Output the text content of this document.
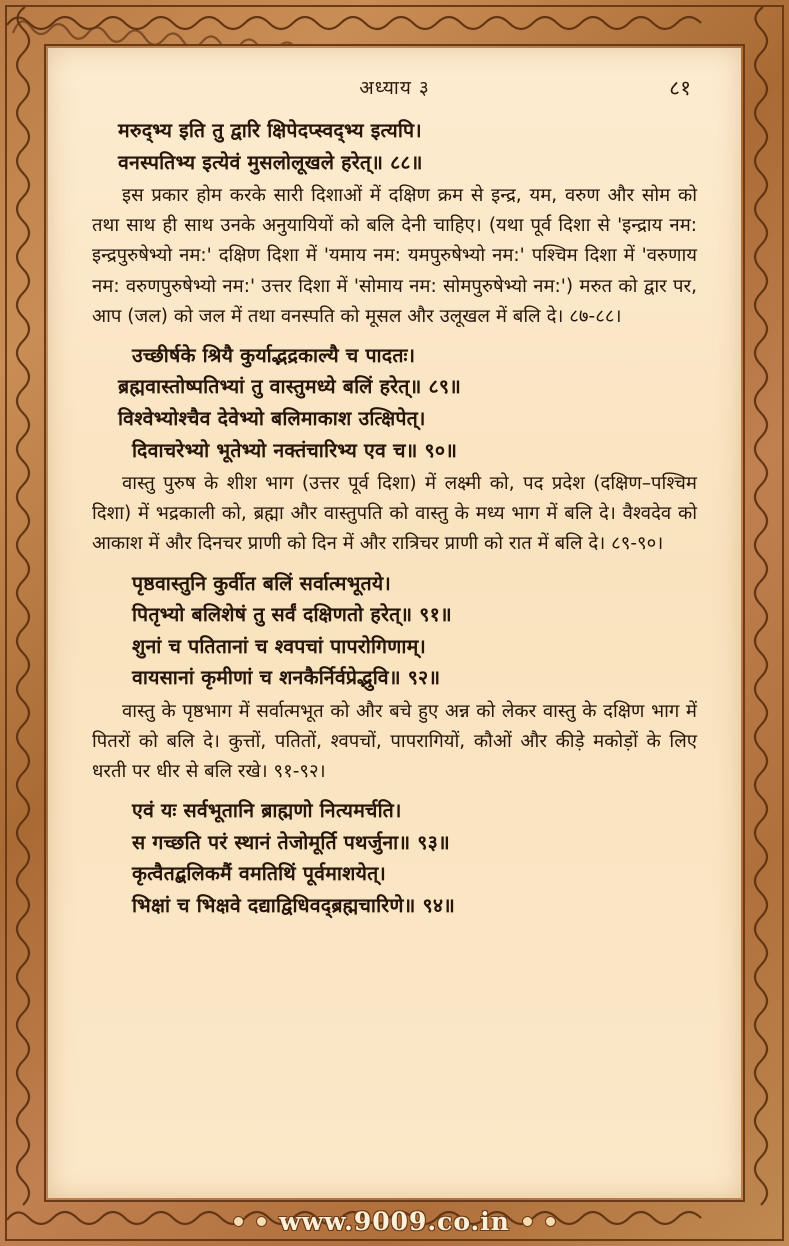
अध्याय ३	८१
मरुद्भ्य इति तु द्वारि क्षिपेदप्स्वद्भ्य इत्यपि।
वनस्पतिभ्य इत्येवं मुसलोलूखले हरेत्॥ ८८॥

इस प्रकार होम करके सारी दिशाओं में दक्षिण क्रम से इन्द्र, यम, वरुण और सोम को तथा साथ ही साथ उनके अनुयायियों को बलि देनी चाहिए। (यथा पूर्व दिशा से 'इन्द्राय नम: इन्द्रपुरुषेभ्यो नम:' दक्षिण दिशा में 'यमाय नम: यमपुरुषेभ्यो नम:' पश्चिम दिशा में 'वरुणाय नम: वरुणपुरुषेभ्यो नम:' उत्तर दिशा में 'सोमाय नम: सोमपुरुषेभ्यो नम:') मरुत को द्वार पर, आप (जल) को जल में तथा वनस्पति को मूसल और उलूखल में बलि दे। ८७-८८।

उच्छीर्षके श्रियै कुर्याद्भद्रकाल्यै च पादतः।
ब्रह्मवास्तोष्पतिभ्यां तु वास्तुमध्ये बलिं हरेत्॥ ८९॥
विश्वेभ्योश्चैव देवेभ्यो बलिमाकाश उत्क्षिपेत्।
दिवाचरेभ्यो भूतेभ्यो नक्तंचारिभ्य एव च॥ ९०॥

वास्तु पुरुष के शीश भाग (उत्तर पूर्व दिशा) में लक्ष्मी को, पद प्रदेश (दक्षिण–पश्चिम दिशा) में भद्रकाली को, ब्रह्मा और वास्तुपति को वास्तु के मध्य भाग में बलि दे। वैश्वदेव को आकाश में और दिनचर प्राणी को दिन में और रात्रिचर प्राणी को रात में बलि दे। ८९-९०।

पृष्ठवास्तुनि कुर्वीत बलिं सर्वात्मभूतये।
पितृभ्यो बलिशेषं तु सर्वं दक्षिणतो हरेत्॥ ९१॥
शुनां च पतितानां च श्वपचां पापरोगिणाम्।
वायसानां कृमीणां च शनकैर्निर्वप्रेद्भुवि॥ ९२॥

वास्तु के पृष्ठभाग में सर्वात्मभूत को और बचे हुए अन्न को लेकर वास्तु के दक्षिण भाग में पितरों को बलि दे। कुत्तों, पतितों, श्वपचों, पापरागियों, कौओं और कीड़े मकोड़ों के लिए धरती पर धीर से बलि रखे। ९१-९२।

एवं यः सर्वभूतानि ब्राह्मणो नित्यमर्चति।
स गच्छति परं स्थानं तेजोमूर्ति पथर्जुना॥ ९३॥
कृत्वैतद्बलिकमैं वमतिथिं पूर्वमाशयेत्।
भिक्षां च भिक्षवे दद्याद्विधिवद्ब्रह्मचारिणे॥ ९४॥
www.9009.co.in
